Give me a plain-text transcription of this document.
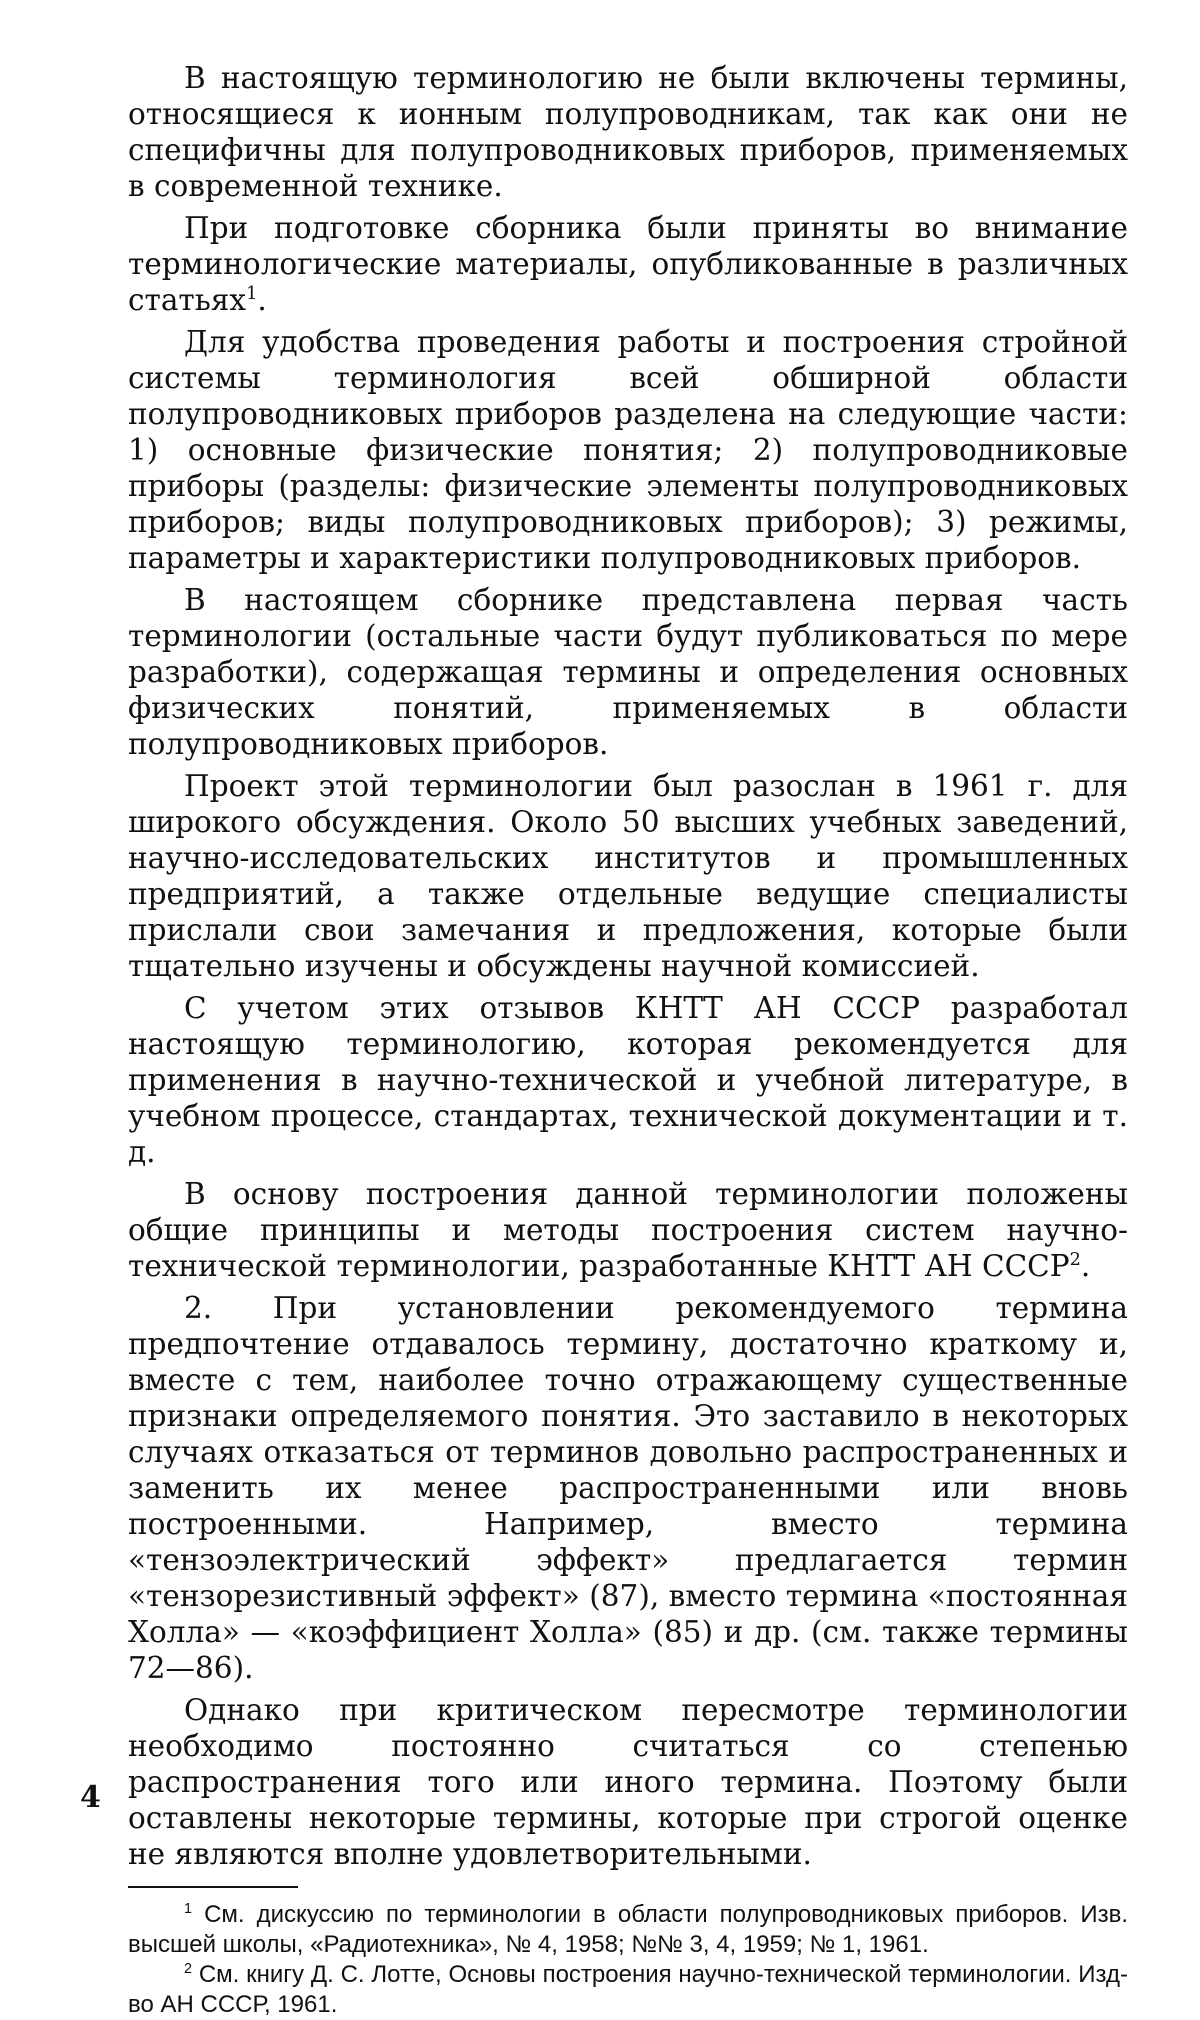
В настоящую терминологию не были включены термины, относящиеся к ионным полупроводникам, так как они не специфичны для полупроводниковых приборов, применяемых в современной технике.

При подготовке сборника были приняты во внимание терминологические материалы, опубликованные в различных статьях1.

Для удобства проведения работы и построения стройной системы терминология всей обширной области полупроводниковых приборов разделена на следующие части: 1) основные физические понятия; 2) полупроводниковые приборы (разделы: физические элементы полупроводниковых приборов; виды полупроводниковых приборов); 3) режимы, параметры и характеристики полупроводниковых приборов.

В настоящем сборнике представлена первая часть терминологии (остальные части будут публиковаться по мере разработки), содержащая термины и определения основных физических понятий, применяемых в области полупроводниковых приборов.

Проект этой терминологии был разослан в 1961 г. для широкого обсуждения. Около 50 высших учебных заведений, научно-исследовательских институтов и промышленных предприятий, а также отдельные ведущие специалисты прислали свои замечания и предложения, которые были тщательно изучены и обсуждены научной комиссией.

С учетом этих отзывов КНТТ АН СССР разработал настоящую терминологию, которая рекомендуется для применения в научно-технической и учебной литературе, в учебном процессе, стандартах, технической документации и т. д.

В основу построения данной терминологии положены общие принципы и методы построения систем научно-технической терминологии, разработанные КНТТ АН СССР2.

2. При установлении рекомендуемого термина предпочтение отдавалось термину, достаточно краткому и, вместе с тем, наиболее точно отражающему существенные признаки определяемого понятия. Это заставило в некоторых случаях отказаться от терминов довольно распространенных и заменить их менее распространенными или вновь построенными. Например, вместо термина «тензоэлектрический эффект» предлагается термин «тензорезистивный эффект» (87), вместо термина «постоянная Холла» — «коэффициент Холла» (85) и др. (см. также термины 72—86).

Однако при критическом пересмотре терминологии необходимо постоянно считаться со степенью распространения того или иного термина. Поэтому были оставлены некоторые термины, которые при строгой оценке не являются вполне удовлетворительными.

1 См. дискуссию по терминологии в области полупроводниковых приборов. Изв. высшей школы, «Радиотехника», № 4, 1958; №№ 3, 4, 1959; № 1, 1961.

2 См. книгу Д. С. Лотте, Основы построения научно-технической терминологии. Изд-во АН СССР, 1961.

4
